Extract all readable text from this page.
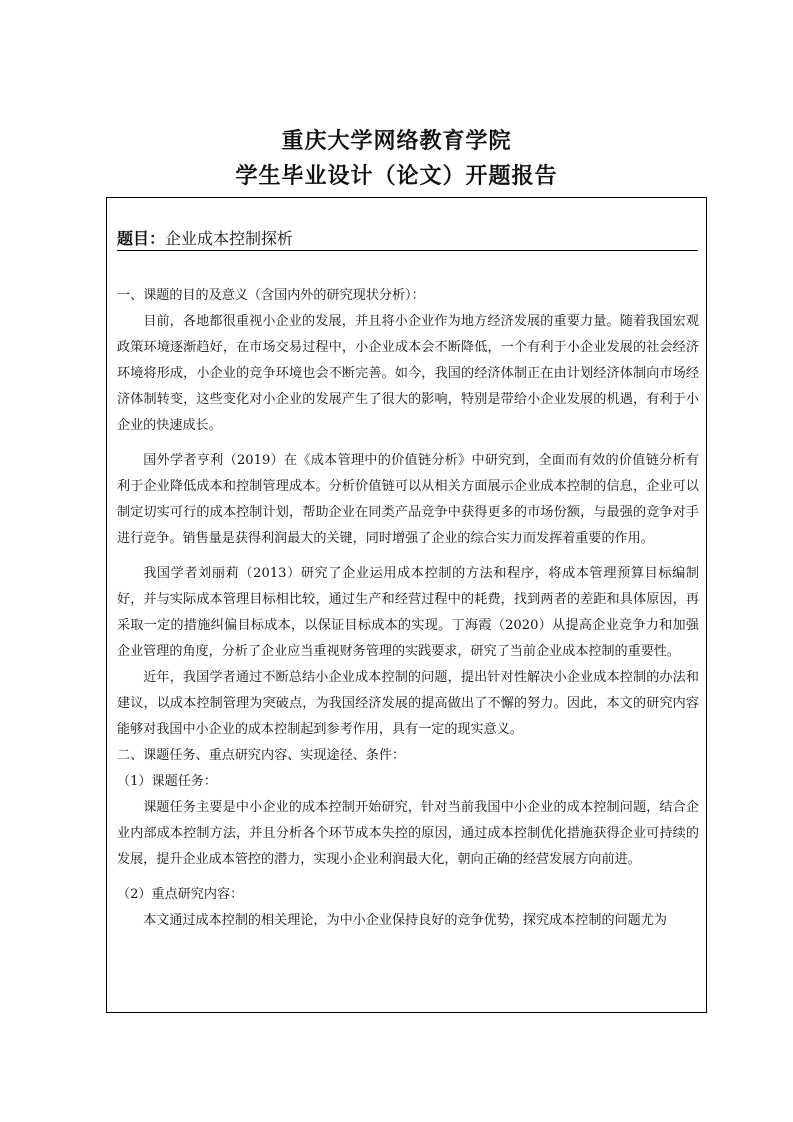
重庆大学网络教育学院
学生毕业设计（论文）开题报告
题目：企业成本控制探析

一、课题的目的及意义（含国内外的研究现状分析）：

目前，各地都很重视小企业的发展，并且将小企业作为地方经济发展的重要力量。随着我国宏观政策环境逐渐趋好，在市场交易过程中，小企业成本会不断降低，一个有利于小企业发展的社会经济环境将形成，小企业的竞争环境也会不断完善。如今，我国的经济体制正在由计划经济体制向市场经济体制转变，这些变化对小企业的发展产生了很大的影响，特别是带给小企业发展的机遇，有利于小企业的快速成长。

国外学者亨利（2019）在《成本管理中的价值链分析》中研究到，全面而有效的价值链分析有利于企业降低成本和控制管理成本。分析价值链可以从相关方面展示企业成本控制的信息，企业可以制定切实可行的成本控制计划，帮助企业在同类产品竞争中获得更多的市场份额，与最强的竞争对手进行竞争。销售量是获得利润最大的关键，同时增强了企业的综合实力而发挥着重要的作用。

我国学者刘丽莉（2013）研究了企业运用成本控制的方法和程序，将成本管理预算目标编制好，并与实际成本管理目标相比较，通过生产和经营过程中的耗费，找到两者的差距和具体原因，再采取一定的措施纠偏目标成本，以保证目标成本的实现。丁海霞（2020）从提高企业竞争力和加强企业管理的角度，分析了企业应当重视财务管理的实践要求，研究了当前企业成本控制的重要性。

近年，我国学者通过不断总结小企业成本控制的问题，提出针对性解决小企业成本控制的办法和建议，以成本控制管理为突破点，为我国经济发展的提高做出了不懈的努力。因此，本文的研究内容能够对我国中小企业的成本控制起到参考作用，具有一定的现实意义。

二、课题任务、重点研究内容、实现途径、条件：

（1）课题任务：

课题任务主要是中小企业的成本控制开始研究，针对当前我国中小企业的成本控制问题，结合企业内部成本控制方法，并且分析各个环节成本失控的原因，通过成本控制优化措施获得企业可持续的发展，提升企业成本管控的潜力，实现小企业利润最大化，朝向正确的经营发展方向前进。

（2）重点研究内容：

本文通过成本控制的相关理论，为中小企业保持良好的竞争优势，探究成本控制的问题尤为
